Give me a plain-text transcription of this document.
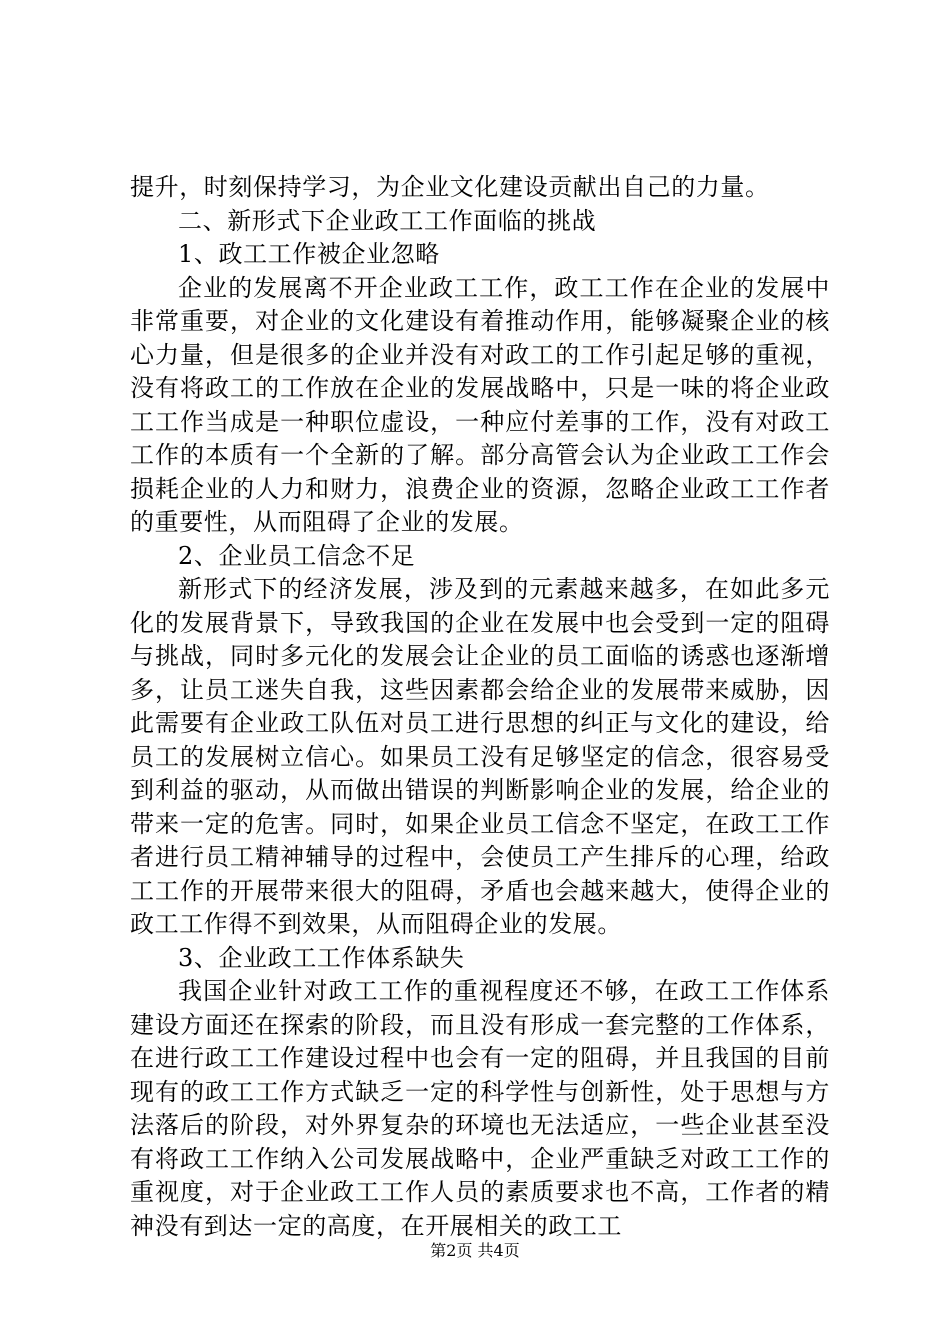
提升，时刻保持学习，为企业文化建设贡献出自己的力量。

二、新形式下企业政工工作面临的挑战

1、政工工作被企业忽略

企业的发展离不开企业政工工作，政工工作在企业的发展中非常重要，对企业的文化建设有着推动作用，能够凝聚企业的核心力量，但是很多的企业并没有对政工的工作引起足够的重视，没有将政工的工作放在企业的发展战略中，只是一味的将企业政工工作当成是一种职位虚设，一种应付差事的工作，没有对政工工作的本质有一个全新的了解。部分高管会认为企业政工工作会损耗企业的人力和财力，浪费企业的资源，忽略企业政工工作者的重要性，从而阻碍了企业的发展。

2、企业员工信念不足

新形式下的经济发展，涉及到的元素越来越多，在如此多元化的发展背景下，导致我国的企业在发展中也会受到一定的阻碍与挑战，同时多元化的发展会让企业的员工面临的诱惑也逐渐增多，让员工迷失自我，这些因素都会给企业的发展带来威胁，因此需要有企业政工队伍对员工进行思想的纠正与文化的建设，给员工的发展树立信心。如果员工没有足够坚定的信念，很容易受到利益的驱动，从而做出错误的判断影响企业的发展，给企业的带来一定的危害。同时，如果企业员工信念不坚定，在政工工作者进行员工精神辅导的过程中，会使员工产生排斥的心理，给政工工作的开展带来很大的阻碍，矛盾也会越来越大，使得企业的政工工作得不到效果，从而阻碍企业的发展。

3、企业政工工作体系缺失

我国企业针对政工工作的重视程度还不够，在政工工作体系建设方面还在探索的阶段，而且没有形成一套完整的工作体系，在进行政工工作建设过程中也会有一定的阻碍，并且我国的目前现有的政工工作方式缺乏一定的科学性与创新性，处于思想与方法落后的阶段，对外界复杂的环境也无法适应，一些企业甚至没有将政工工作纳入公司发展战略中，企业严重缺乏对政工工作的重视度，对于企业政工工作人员的素质要求也不高，工作者的精神没有到达一定的高度，在开展相关的政工工

第2页 共4页
